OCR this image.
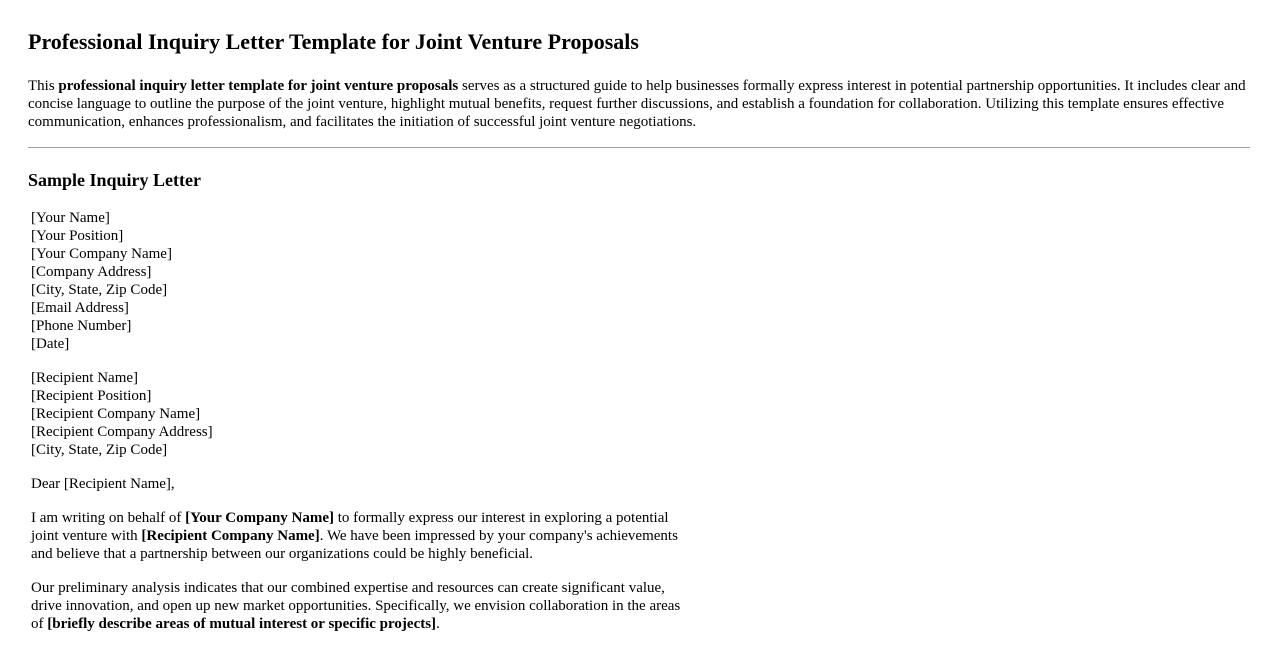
Professional Inquiry Letter Template for Joint Venture Proposals

This professional inquiry letter template for joint venture proposals serves as a structured guide to help businesses formally express interest in potential partnership opportunities. It includes clear and concise language to outline the purpose of the joint venture, highlight mutual benefits, request further discussions, and establish a foundation for collaboration. Utilizing this template ensures effective communication, enhances professionalism, and facilitates the initiation of successful joint venture negotiations.

Sample Inquiry Letter

[Your Name]
[Your Position]
[Your Company Name]
[Company Address]
[City, State, Zip Code]
[Email Address]
[Phone Number]
[Date]

[Recipient Name]
[Recipient Position]
[Recipient Company Name]
[Recipient Company Address]
[City, State, Zip Code]

Dear [Recipient Name],

I am writing on behalf of [Your Company Name] to formally express our interest in exploring a potential joint venture with [Recipient Company Name]. We have been impressed by your company's achievements and believe that a partnership between our organizations could be highly beneficial.

Our preliminary analysis indicates that our combined expertise and resources can create significant value, drive innovation, and open up new market opportunities. Specifically, we envision collaboration in the areas of [briefly describe areas of mutual interest or specific projects].
